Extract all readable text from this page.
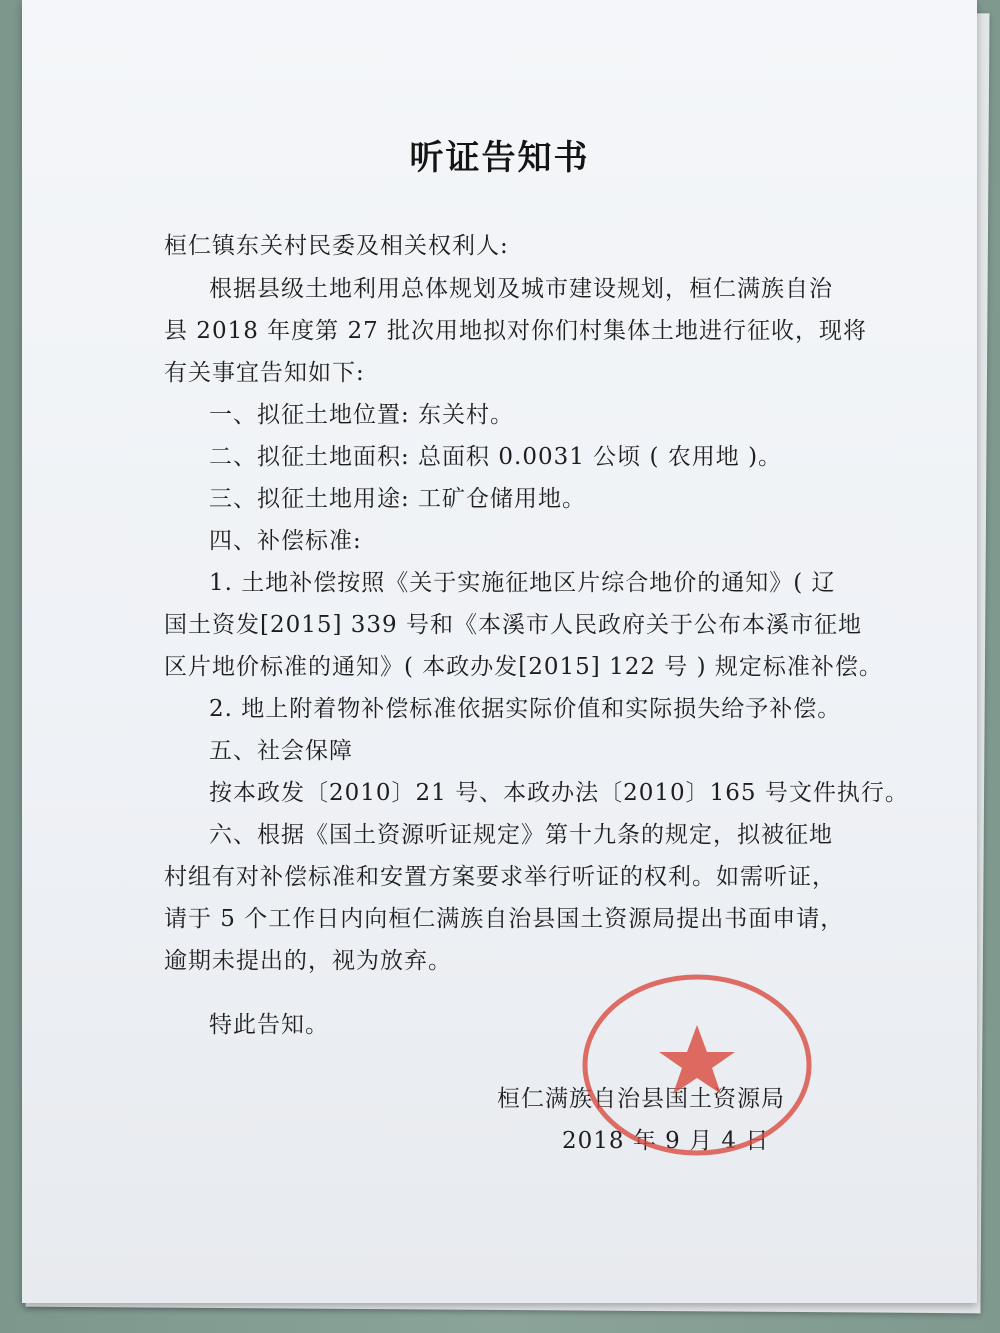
听证告知书
桓仁镇东关村民委及相关权利人:
根据县级土地利用总体规划及城市建设规划，桓仁满族自治
县 2018 年度第 27 批次用地拟对你们村集体土地进行征收，现将
有关事宜告知如下:
一、拟征土地位置: 东关村。
二、拟征土地面积: 总面积 0.0031 公顷 ( 农用地 )。
三、拟征土地用途: 工矿仓储用地。
四、补偿标准:
1. 土地补偿按照《关于实施征地区片综合地价的通知》( 辽
国土资发[2015] 339 号和《本溪市人民政府关于公布本溪市征地
区片地价标准的通知》( 本政办发[2015] 122 号 ) 规定标准补偿。
2. 地上附着物补偿标准依据实际价值和实际损失给予补偿。
五、社会保障
按本政发〔2010〕21 号、本政办法〔2010〕165 号文件执行。
六、根据《国土资源听证规定》第十九条的规定，拟被征地
村组有对补偿标准和安置方案要求举行听证的权利。如需听证，
请于 5 个工作日内向桓仁满族自治县国土资源局提出书面申请，
逾期未提出的，视为放弃。
特此告知。
桓仁满族自治县国土资源局
2018 年 9 月 4 日
